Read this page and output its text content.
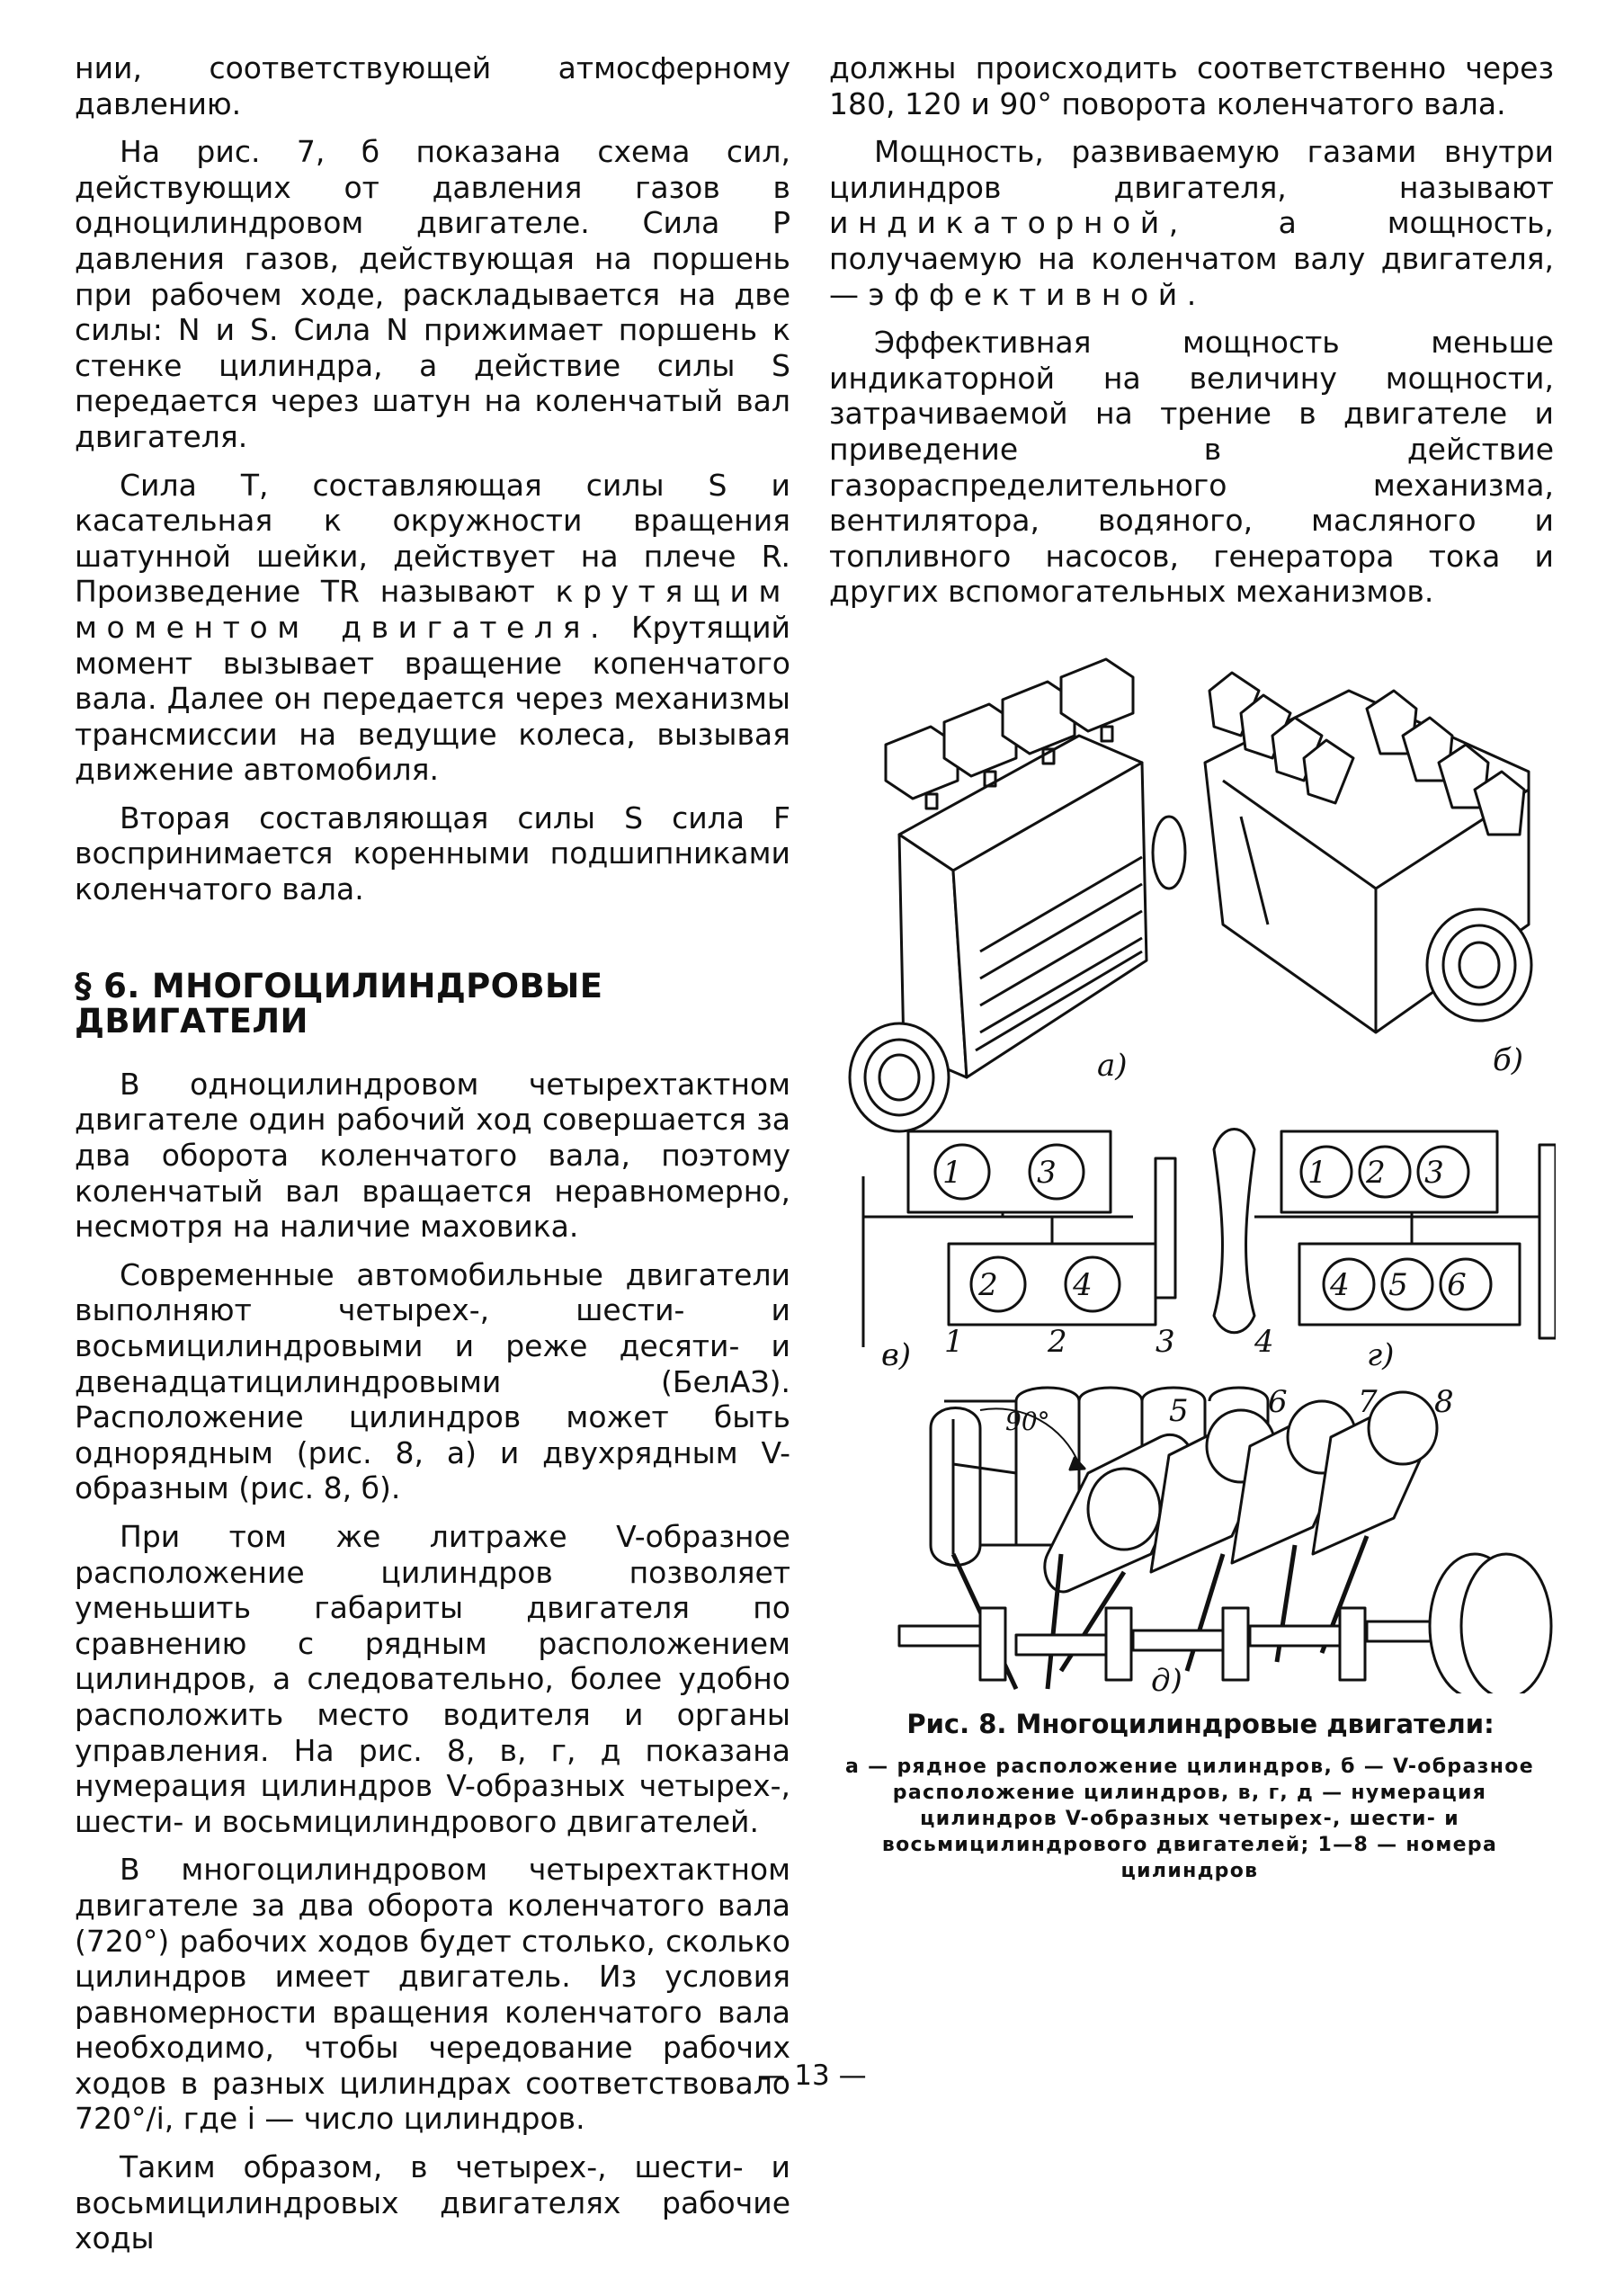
нии, соответствующей атмосферному давлению.

На рис. 7, б показана схема сил, действующих от давления газов в одноцилиндровом двигателе. Сила P давления газов, действующая на поршень при рабочем ходе, раскладывается на две силы: N и S. Сила N прижимает поршень к стенке цилиндра, а действие силы S передается через шатун на коленчатый вал двигателя.

Сила T, составляющая силы S и касательная к окружности вращения шатунной шейки, действует на плече R. Произведение TR называют крутящим моментом двигателя. Крутящий момент вызывает вращение копенчатого вала. Далее он передается через механизмы трансмиссии на ведущие колеса, вызывая движение автомобиля.

Вторая составляющая силы S сила F воспринимается коренными подшипниками коленчатого вала.

§ 6. МНОГОЦИЛИНДРОВЫЕ ДВИГАТЕЛИ

В одноцилиндровом четырехтактном двигателе один рабочий ход совершается за два оборота коленчатого вала, поэтому коленчатый вал вращается неравномерно, несмотря на наличие маховика.

Современные автомобильные двигатели выполняют четырех-, шести- и восьмицилиндровыми и реже десяти- и двенадцатицилиндровыми (БелАЗ). Расположение цилиндров может быть однорядным (рис. 8, а) и двухрядным V-образным (рис. 8, б).

При том же литраже V-образное расположение цилиндров позволяет уменьшить габариты двигателя по сравнению с рядным расположением цилиндров, а следовательно, более удобно расположить место водителя и органы управления. На рис. 8, в, г, д показана нумерация цилиндров V-образных четырех-, шести- и восьмицилиндрового двигателей.

В многоцилиндровом четырехтактном двигателе за два оборота коленчатого вала (720°) рабочих ходов будет столько, сколько цилиндров имеет двигатель. Из условия равномерности вращения коленчатого вала необходимо, чтобы чередование рабочих ходов в разных цилиндрах соответствовало 720°/i, где i — число цилиндров.

Таким образом, в четырех-, шести- и восьмицилиндровых двигателях рабочие ходы

должны происходить соответственно через 180, 120 и 90° поворота коленчатого вала.

Мощность, развиваемую газами внутри цилиндров двигателя, называют индикаторной,	а мощность, получаемую на коленчатом валу двигателя, — эффективной.

Эффективная мощность меньше индикаторной на величину мощности, затрачиваемой на трение в двигателе и приведение в действие газораспределительного механизма, вентилятора, водяного, масляного и топливного насосов, генератора тока и других вспомогательных механизмов.

а)	б)
в)	г)
д)
90°
1 3
2 4
1 2 3
4 5 6
1	2	3	4
5	6 7 8
Рис. 8. Многоцилиндровые двигатели:
а — рядное расположение цилиндров, б — V-образное расположение цилиндров, в, г, д — нумерация цилиндров V-образных четырех-, шести- и восьмицилиндрового двигателей; 1—8 — номера цилиндров
— 13 —
